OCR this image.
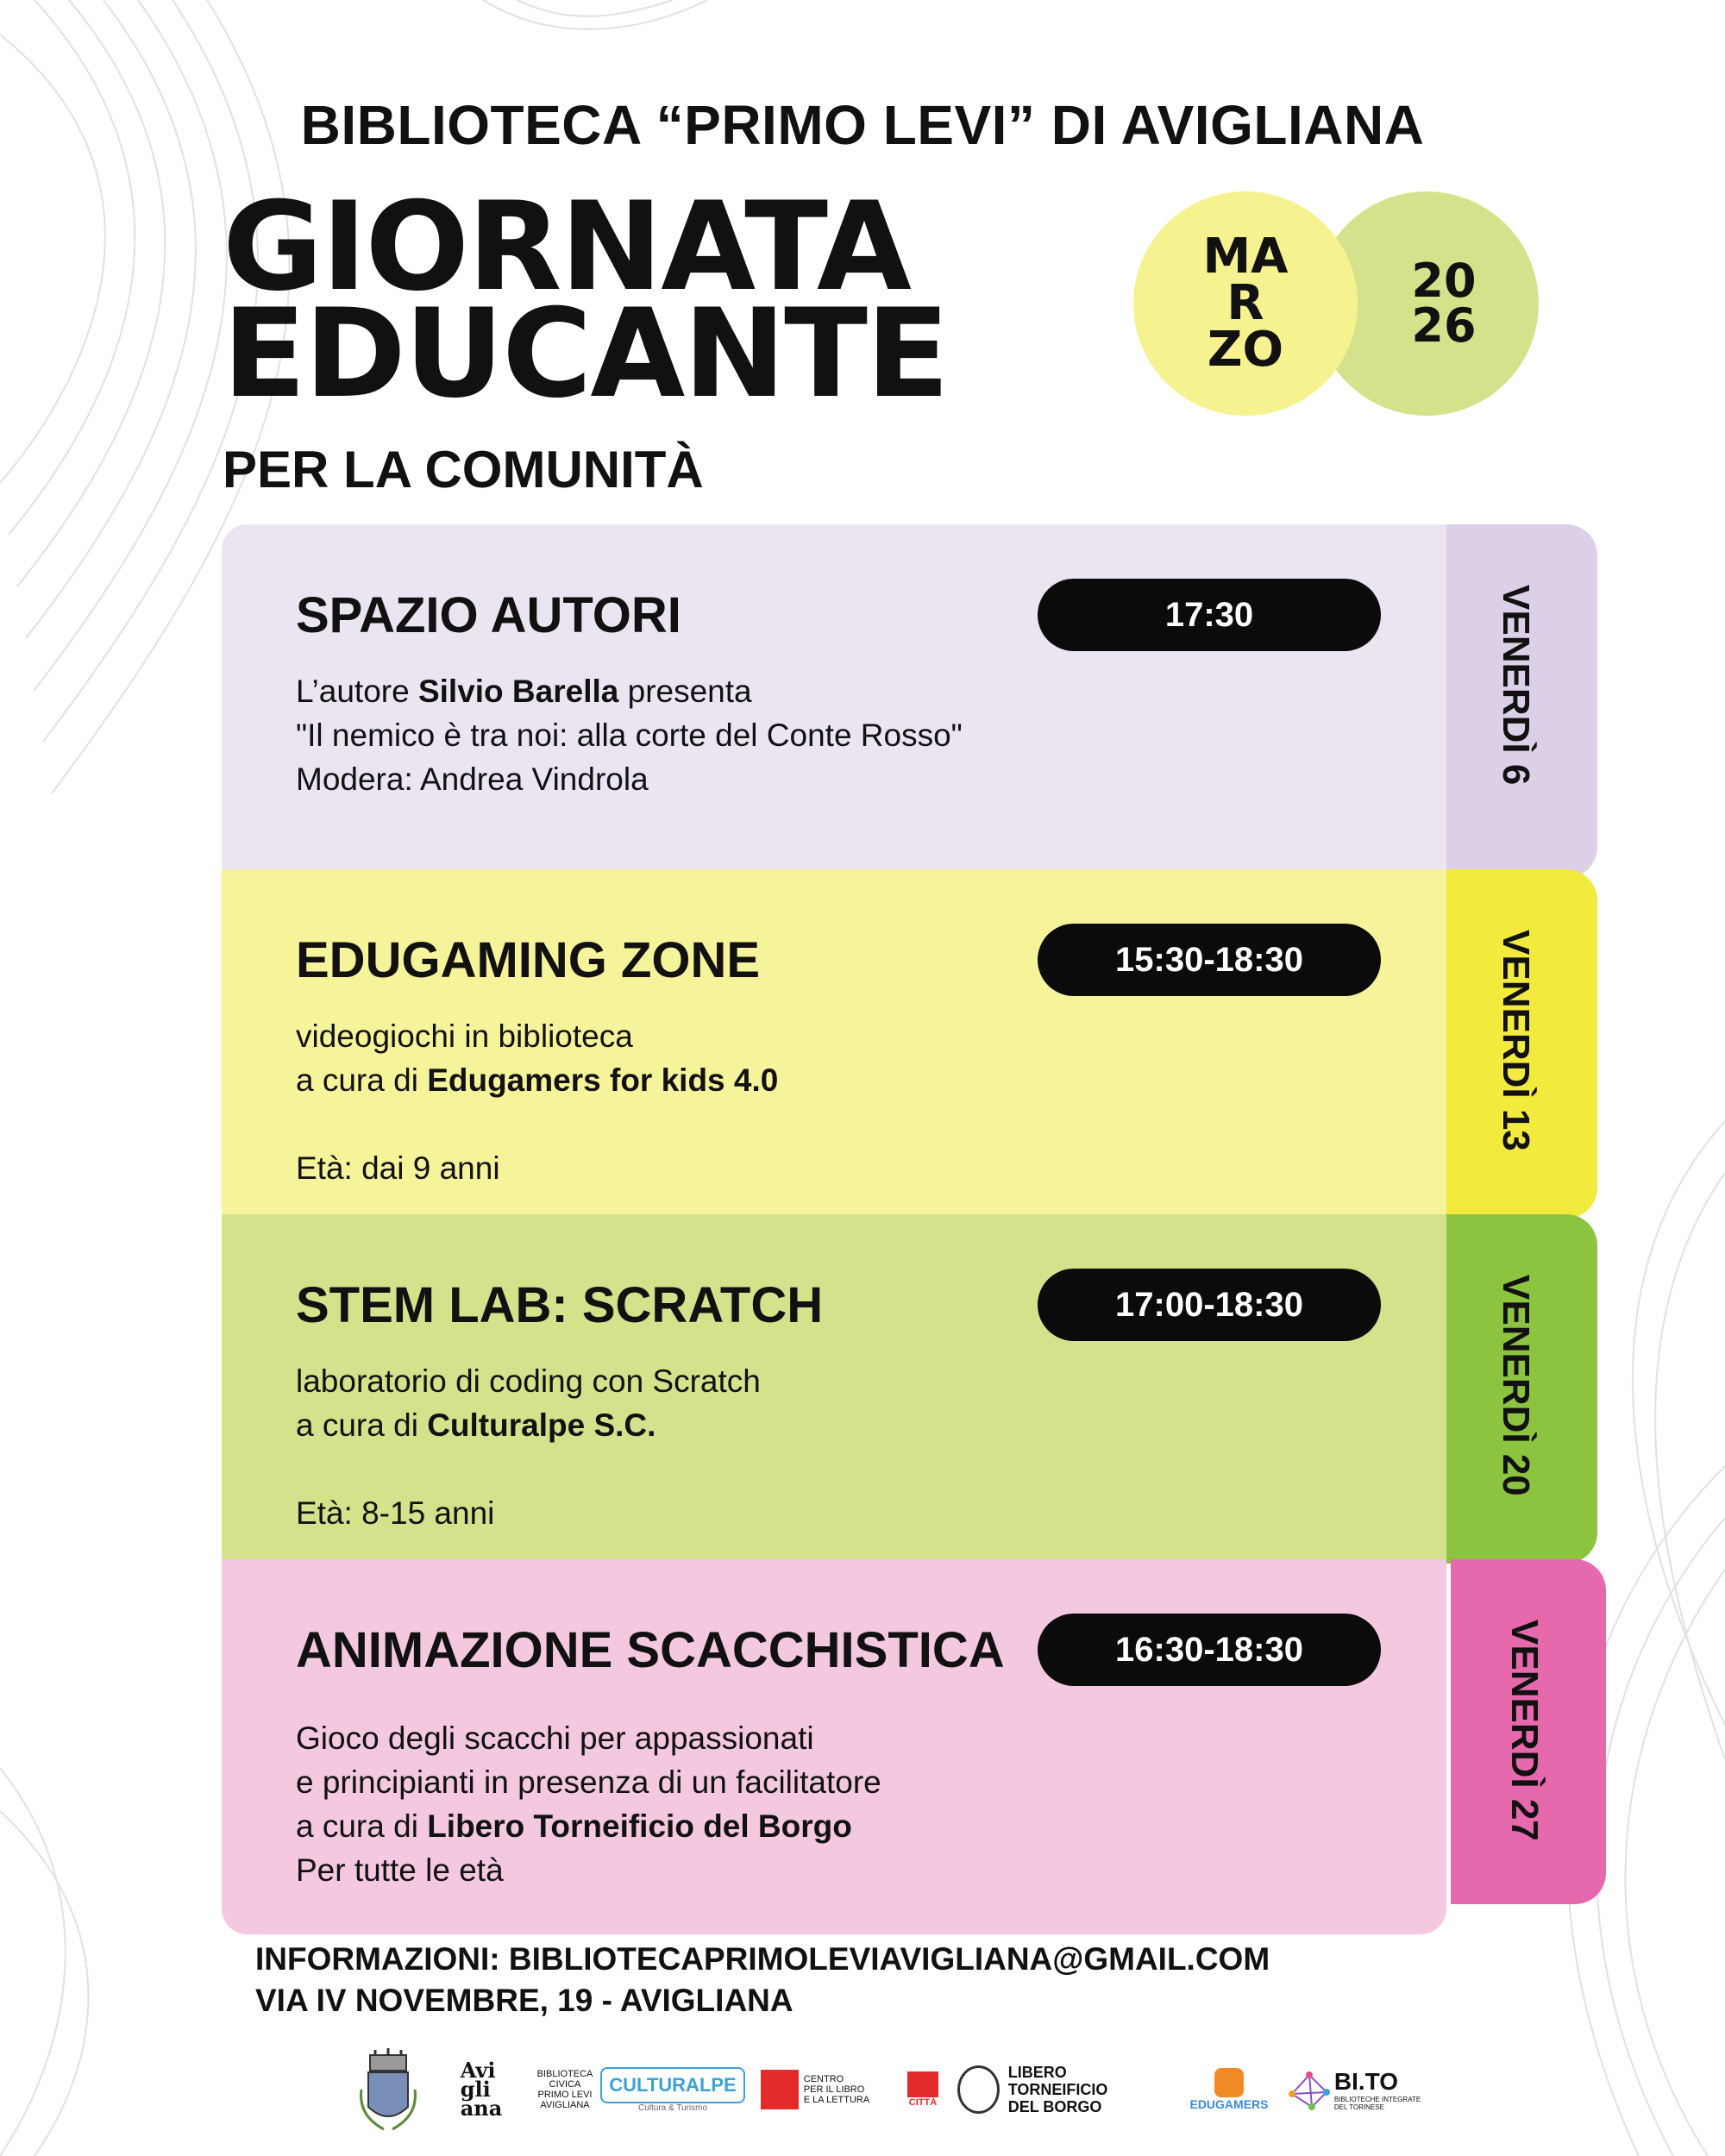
BIBLIOTECA “PRIMO LEVI” DI AVIGLIANA
GIORNATA
EDUCANTE
PER LA COMUNITÀ
20
26
MA
R
ZO
VENERDÌ 6
VENERDÌ 13
VENERDÌ 20
VENERDÌ 27
SPAZIO AUTORI	17:30
L’autore Silvio Barella presenta
"Il nemico è tra noi: alla corte del Conte Rosso"
Modera: Andrea Vindrola
EDUGAMING ZONE	15:30-18:30
videogiochi in biblioteca
a cura di Edugamers for kids 4.0
Età: dai 9 anni
STEM LAB: SCRATCH	17:00-18:30
laboratorio di coding con Scratch
a cura di Culturalpe S.C.
Età: 8-15 anni
ANIMAZIONE SCACCHISTICA	16:30-18:30
Gioco degli scacchi per appassionati
e principianti in presenza di un facilitatore
a cura di Libero Torneificio del Borgo
Per tutte le età
INFORMAZIONI: BIBLIOTECAPRIMOLEVIAVIGLIANA@GMAIL.COM
VIA IV NOVEMBRE, 19 - AVIGLIANA
Avi
gli
ana
BIBLIOTECA
CIVICA
PRIMO LEVI
AVIGLIANA
CULTURALPE
Cultura & Turismo
CENTRO
PER IL LIBRO
E LA LETTURA	CITTÀ
LIBERO TORNEIFICIO
DEL BORGO	EDUGAMERS
BI.TO
BIBLIOTECHE INTEGRATE
DEL TORINESE
